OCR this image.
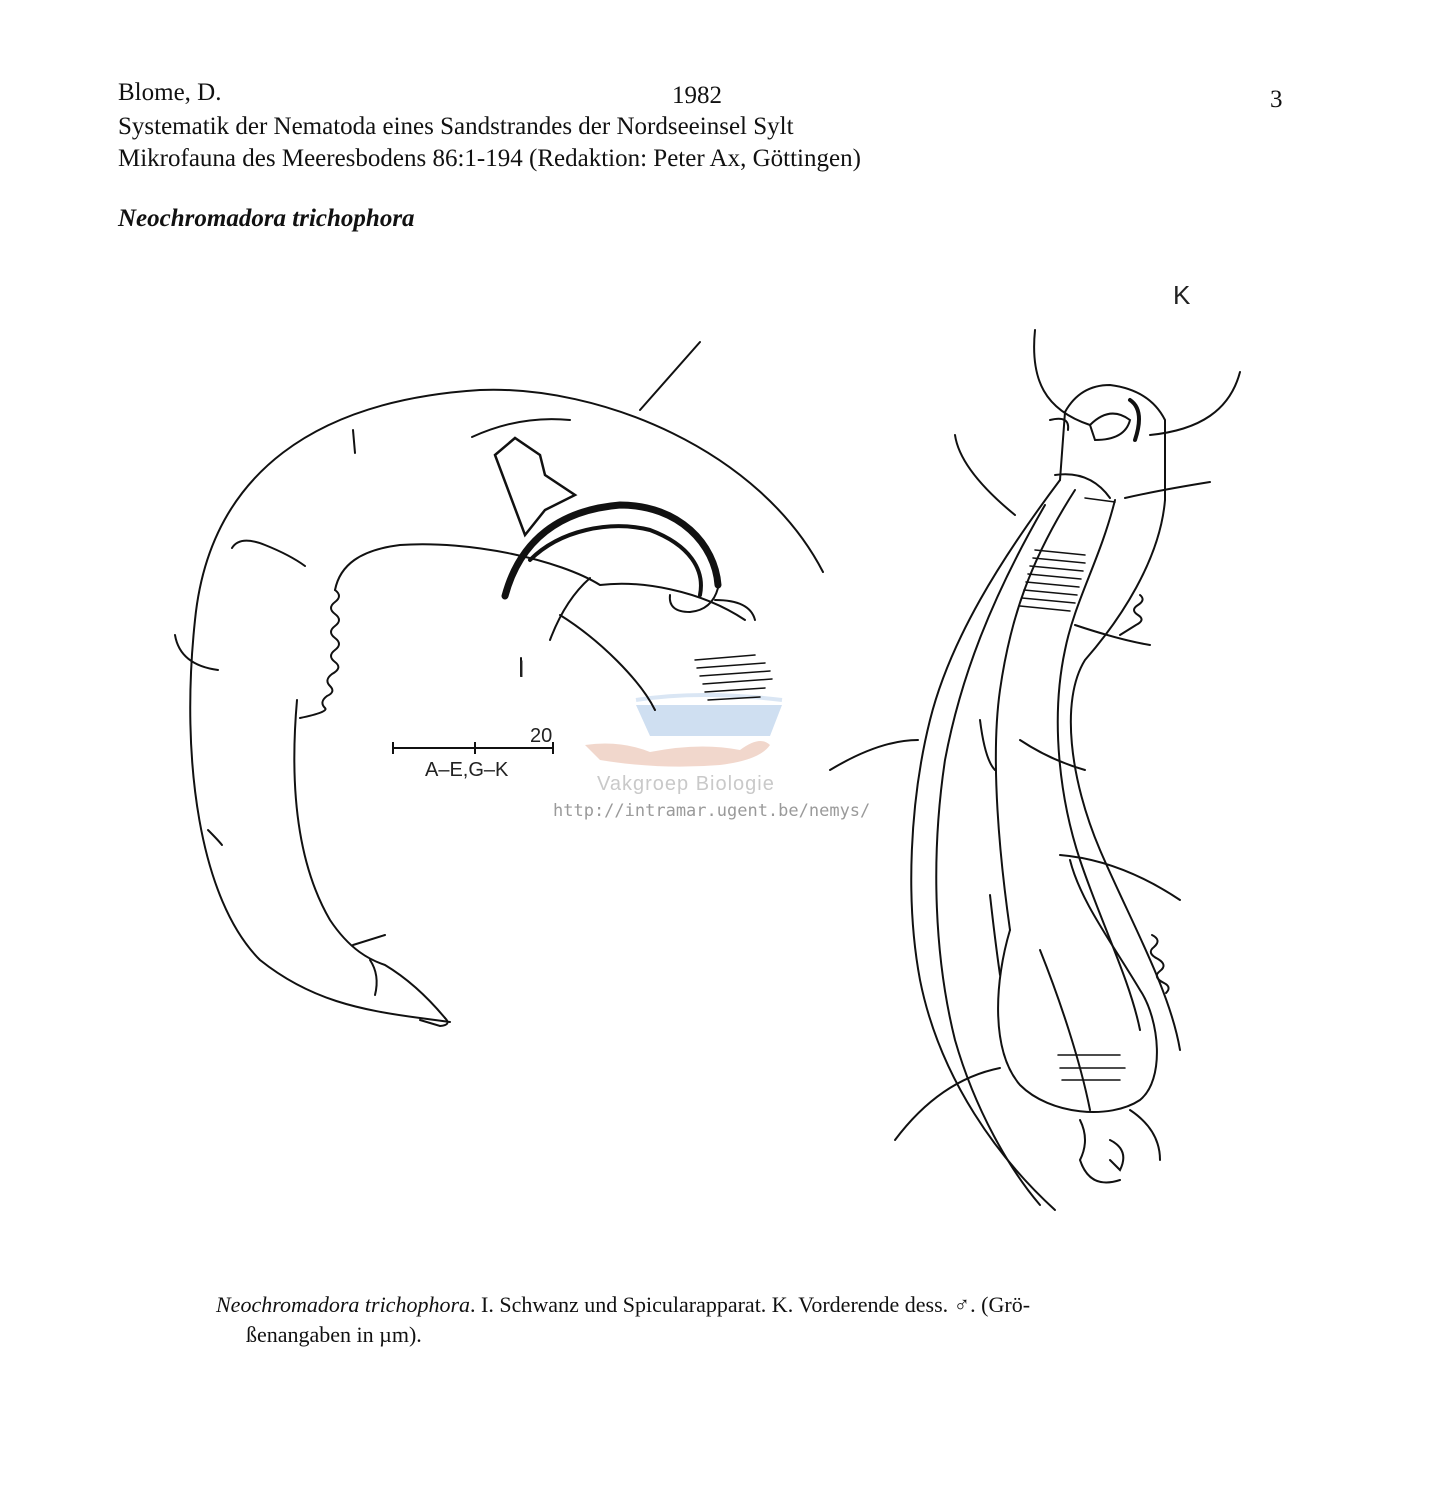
Blome, D.	1982	3
Systematik der Nematoda eines Sandstrandes der Nordseeinsel Sylt
Mikrofauna des Meeresbodens 86:1-194 (Redaktion: Peter Ax, Göttingen)
Neochromadora trichophora
Vakgroep Biologie
http://intramar.ugent.be/nemys/
I
20
A–E,G–K
K
Neochromadora trichophora. I. Schwanz und Spicularapparat. K. Vorderende dess. ♂. (Grö-
ßenangaben in µm).
